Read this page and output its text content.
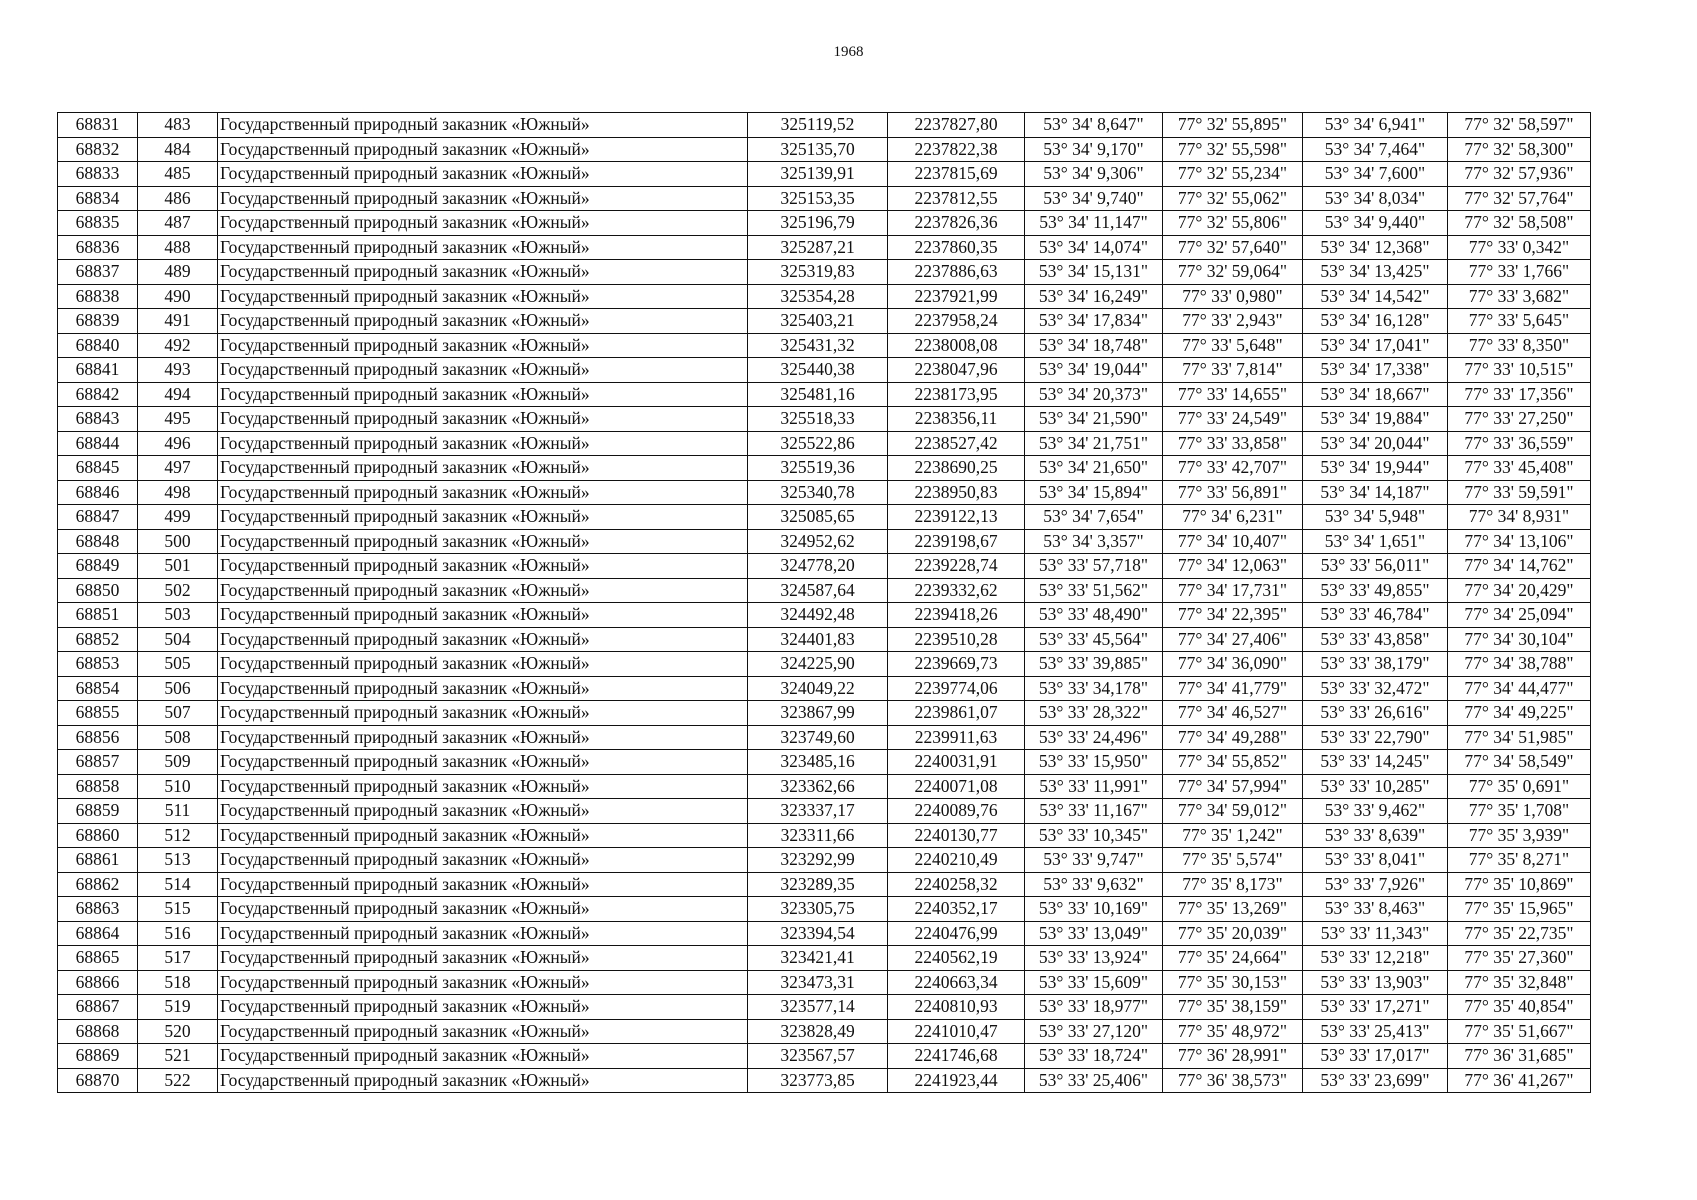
1968
68831	483	Государственный природный заказник «Южный»	325119,52	2237827,80	53° 34' 8,647"	77° 32' 55,895"	53° 34' 6,941"	77° 32' 58,597"
68832	484	Государственный природный заказник «Южный»	325135,70	2237822,38	53° 34' 9,170"	77° 32' 55,598"	53° 34' 7,464"	77° 32' 58,300"
68833	485	Государственный природный заказник «Южный»	325139,91	2237815,69	53° 34' 9,306"	77° 32' 55,234"	53° 34' 7,600"	77° 32' 57,936"
68834	486	Государственный природный заказник «Южный»	325153,35	2237812,55	53° 34' 9,740"	77° 32' 55,062"	53° 34' 8,034"	77° 32' 57,764"
68835	487	Государственный природный заказник «Южный»	325196,79	2237826,36	53° 34' 11,147"	77° 32' 55,806"	53° 34' 9,440"	77° 32' 58,508"
68836	488	Государственный природный заказник «Южный»	325287,21	2237860,35	53° 34' 14,074"	77° 32' 57,640"	53° 34' 12,368"	77° 33' 0,342"
68837	489	Государственный природный заказник «Южный»	325319,83	2237886,63	53° 34' 15,131"	77° 32' 59,064"	53° 34' 13,425"	77° 33' 1,766"
68838	490	Государственный природный заказник «Южный»	325354,28	2237921,99	53° 34' 16,249"	77° 33' 0,980"	53° 34' 14,542"	77° 33' 3,682"
68839	491	Государственный природный заказник «Южный»	325403,21	2237958,24	53° 34' 17,834"	77° 33' 2,943"	53° 34' 16,128"	77° 33' 5,645"
68840	492	Государственный природный заказник «Южный»	325431,32	2238008,08	53° 34' 18,748"	77° 33' 5,648"	53° 34' 17,041"	77° 33' 8,350"
68841	493	Государственный природный заказник «Южный»	325440,38	2238047,96	53° 34' 19,044"	77° 33' 7,814"	53° 34' 17,338"	77° 33' 10,515"
68842	494	Государственный природный заказник «Южный»	325481,16	2238173,95	53° 34' 20,373"	77° 33' 14,655"	53° 34' 18,667"	77° 33' 17,356"
68843	495	Государственный природный заказник «Южный»	325518,33	2238356,11	53° 34' 21,590"	77° 33' 24,549"	53° 34' 19,884"	77° 33' 27,250"
68844	496	Государственный природный заказник «Южный»	325522,86	2238527,42	53° 34' 21,751"	77° 33' 33,858"	53° 34' 20,044"	77° 33' 36,559"
68845	497	Государственный природный заказник «Южный»	325519,36	2238690,25	53° 34' 21,650"	77° 33' 42,707"	53° 34' 19,944"	77° 33' 45,408"
68846	498	Государственный природный заказник «Южный»	325340,78	2238950,83	53° 34' 15,894"	77° 33' 56,891"	53° 34' 14,187"	77° 33' 59,591"
68847	499	Государственный природный заказник «Южный»	325085,65	2239122,13	53° 34' 7,654"	77° 34' 6,231"	53° 34' 5,948"	77° 34' 8,931"
68848	500	Государственный природный заказник «Южный»	324952,62	2239198,67	53° 34' 3,357"	77° 34' 10,407"	53° 34' 1,651"	77° 34' 13,106"
68849	501	Государственный природный заказник «Южный»	324778,20	2239228,74	53° 33' 57,718"	77° 34' 12,063"	53° 33' 56,011"	77° 34' 14,762"
68850	502	Государственный природный заказник «Южный»	324587,64	2239332,62	53° 33' 51,562"	77° 34' 17,731"	53° 33' 49,855"	77° 34' 20,429"
68851	503	Государственный природный заказник «Южный»	324492,48	2239418,26	53° 33' 48,490"	77° 34' 22,395"	53° 33' 46,784"	77° 34' 25,094"
68852	504	Государственный природный заказник «Южный»	324401,83	2239510,28	53° 33' 45,564"	77° 34' 27,406"	53° 33' 43,858"	77° 34' 30,104"
68853	505	Государственный природный заказник «Южный»	324225,90	2239669,73	53° 33' 39,885"	77° 34' 36,090"	53° 33' 38,179"	77° 34' 38,788"
68854	506	Государственный природный заказник «Южный»	324049,22	2239774,06	53° 33' 34,178"	77° 34' 41,779"	53° 33' 32,472"	77° 34' 44,477"
68855	507	Государственный природный заказник «Южный»	323867,99	2239861,07	53° 33' 28,322"	77° 34' 46,527"	53° 33' 26,616"	77° 34' 49,225"
68856	508	Государственный природный заказник «Южный»	323749,60	2239911,63	53° 33' 24,496"	77° 34' 49,288"	53° 33' 22,790"	77° 34' 51,985"
68857	509	Государственный природный заказник «Южный»	323485,16	2240031,91	53° 33' 15,950"	77° 34' 55,852"	53° 33' 14,245"	77° 34' 58,549"
68858	510	Государственный природный заказник «Южный»	323362,66	2240071,08	53° 33' 11,991"	77° 34' 57,994"	53° 33' 10,285"	77° 35' 0,691"
68859	511	Государственный природный заказник «Южный»	323337,17	2240089,76	53° 33' 11,167"	77° 34' 59,012"	53° 33' 9,462"	77° 35' 1,708"
68860	512	Государственный природный заказник «Южный»	323311,66	2240130,77	53° 33' 10,345"	77° 35' 1,242"	53° 33' 8,639"	77° 35' 3,939"
68861	513	Государственный природный заказник «Южный»	323292,99	2240210,49	53° 33' 9,747"	77° 35' 5,574"	53° 33' 8,041"	77° 35' 8,271"
68862	514	Государственный природный заказник «Южный»	323289,35	2240258,32	53° 33' 9,632"	77° 35' 8,173"	53° 33' 7,926"	77° 35' 10,869"
68863	515	Государственный природный заказник «Южный»	323305,75	2240352,17	53° 33' 10,169"	77° 35' 13,269"	53° 33' 8,463"	77° 35' 15,965"
68864	516	Государственный природный заказник «Южный»	323394,54	2240476,99	53° 33' 13,049"	77° 35' 20,039"	53° 33' 11,343"	77° 35' 22,735"
68865	517	Государственный природный заказник «Южный»	323421,41	2240562,19	53° 33' 13,924"	77° 35' 24,664"	53° 33' 12,218"	77° 35' 27,360"
68866	518	Государственный природный заказник «Южный»	323473,31	2240663,34	53° 33' 15,609"	77° 35' 30,153"	53° 33' 13,903"	77° 35' 32,848"
68867	519	Государственный природный заказник «Южный»	323577,14	2240810,93	53° 33' 18,977"	77° 35' 38,159"	53° 33' 17,271"	77° 35' 40,854"
68868	520	Государственный природный заказник «Южный»	323828,49	2241010,47	53° 33' 27,120"	77° 35' 48,972"	53° 33' 25,413"	77° 35' 51,667"
68869	521	Государственный природный заказник «Южный»	323567,57	2241746,68	53° 33' 18,724"	77° 36' 28,991"	53° 33' 17,017"	77° 36' 31,685"
68870	522	Государственный природный заказник «Южный»	323773,85	2241923,44	53° 33' 25,406"	77° 36' 38,573"	53° 33' 23,699"	77° 36' 41,267"
